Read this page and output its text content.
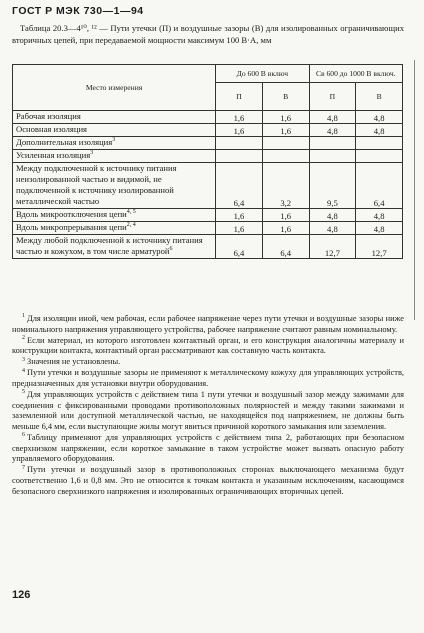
ГОСТ Р МЭК 730—1—94
Таблица 20.3—4¹⁰, ¹² — Пути утечки (П) и воздушные зазоры (В) для изолированных ограничивающих вторичных цепей, при передаваемой мощности максимум 100 В·А, мм
Место измерения	До 600 В включ		Св 600 до 1000 В включ.	
	П	В	П	В
Рабочая изоляция	1,6	1,6	4,8	4,8
Основная изоляция	1,6	1,6	4,8	4,8
Дополнительная изоляция$^3$				
Усиленная изоляция$^3$				
Между подключенной к источнику питания неизолированной частью и видимой, не подключенной к источнику изолированной металлической частью	6,4	3,2	9,5	6,4
Вдоль микроотключения цепи$^{4, 5}$	1,6	1,6	4,8	4,8
Вдоль микропрерывания цепи$^{2, 4}$	1,6	1,6	4,8	4,8
Между любой подключенной к источнику питания частью и кожухом, в том числе арматурой$^6$	6,4	6,4	12,7	12,7
$^1$ Для изоляции иной, чем рабочая, если рабочее напряжение через пути утечки и воздушные зазоры ниже номинального напряжения управляющего устройства, рабочее напряжение считают равным номинальному.
$^2$ Если материал, из которого изготовлен контактный орган, и его конструкция аналогичны материалу и конструкции контакта, контактный орган рассматривают как составную часть контакта.
$^3$ Значения не установлены.
$^4$ Пути утечки и воздушные зазоры не применяют к металлическому кожуху для управляющих устройств, предназначенных для установки внутри оборудования.
$^5$ Для управляющих устройств с действием типа 1 пути утечки и воздушный зазор между зажимами для соединения с фиксированными проводами противоположных полярностей и между такими зажимами и заземленной или доступной металлической частью, не находящейся под напряжением, не должны быть меньше 6,4 мм, если выступающие жилы могут явиться причиной короткого замыкания или заземления.
$^6$ Таблицу применяют для управляющих устройств с действием типа 2, работающих при безопасном сверхнизком напряжении, если короткое замыкание в таком устройстве может вызвать опасную работу управляемого оборудования.
$^7$ Пути утечки и воздушный зазор в противоположных сторонах выключающего механизма будут соответственно 1,6 и 0,8 мм. Это не относится к точкам контакта и указанным исключениям, касающимся безопасного сверхнизкого напряжения и изолированных ограничивающих вторичных цепей.
126
